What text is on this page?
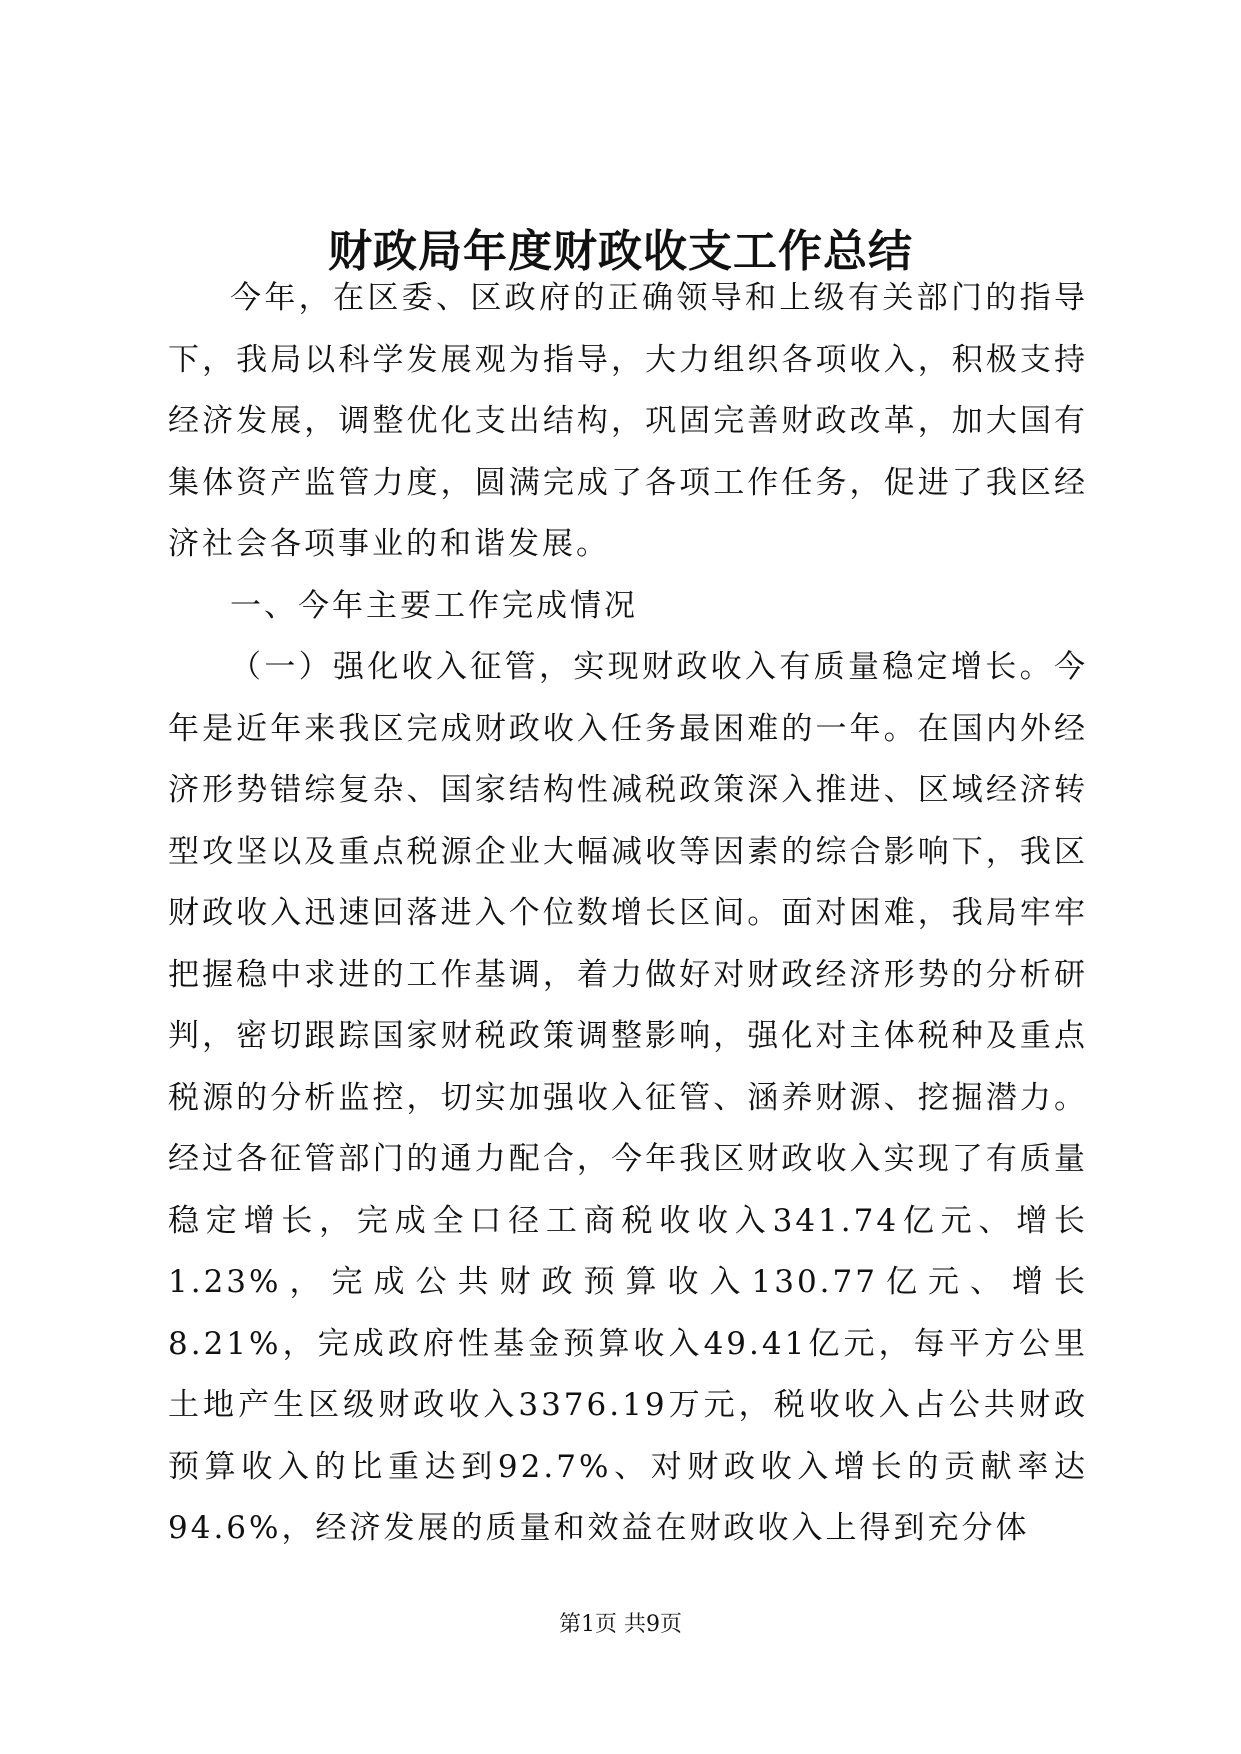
财政局年度财政收支工作总结

今年，在区委、区政府的正确领导和上级有关部门的指导下，我局以科学发展观为指导，大力组织各项收入，积极支持经济发展，调整优化支出结构，巩固完善财政改革，加大国有集体资产监管力度，圆满完成了各项工作任务，促进了我区经济社会各项事业的和谐发展。

一、今年主要工作完成情况

（一）强化收入征管，实现财政收入有质量稳定增长。今年是近年来我区完成财政收入任务最困难的一年。在国内外经济形势错综复杂、国家结构性减税政策深入推进、区域经济转型攻坚以及重点税源企业大幅减收等因素的综合影响下，我区财政收入迅速回落进入个位数增长区间。面对困难，我局牢牢把握稳中求进的工作基调，着力做好对财政经济形势的分析研判，密切跟踪国家财税政策调整影响，强化对主体税种及重点税源的分析监控，切实加强收入征管、涵养财源、挖掘潜力。经过各征管部门的通力配合，今年我区财政收入实现了有质量稳定增长，完成全口径工商税收收入341.74亿元、增长1.23%，完成公共财政预算收入130.77亿元、增长8.21%，完成政府性基金预算收入49.41亿元，每平方公里土地产生区级财政收入3376.19万元，税收收入占公共财政预算收入的比重达到92.7%、对财政收入增长的贡献率达94.6%，经济发展的质量和效益在财政收入上得到充分体

第1页 共9页
